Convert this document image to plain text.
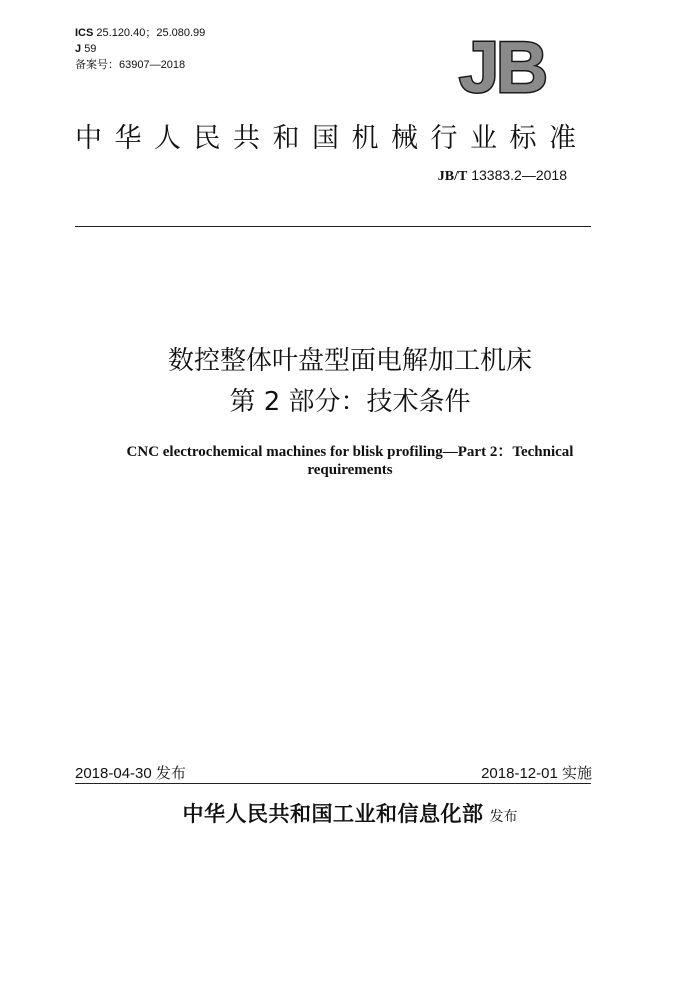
ICS 25.120.40；25.080.99
J 59
备案号：63907—2018	JB
中华人民共和国机械行业标准
JB/T 13383.2—2018
数控整体叶盘型面电解加工机床
第 2 部分：技术条件
CNC electrochemical machines for blisk profiling—Part 2：Technical
requirements
2018-04-30 发布	2018-12-01 实施
中华人民共和国工业和信息化部 发布
